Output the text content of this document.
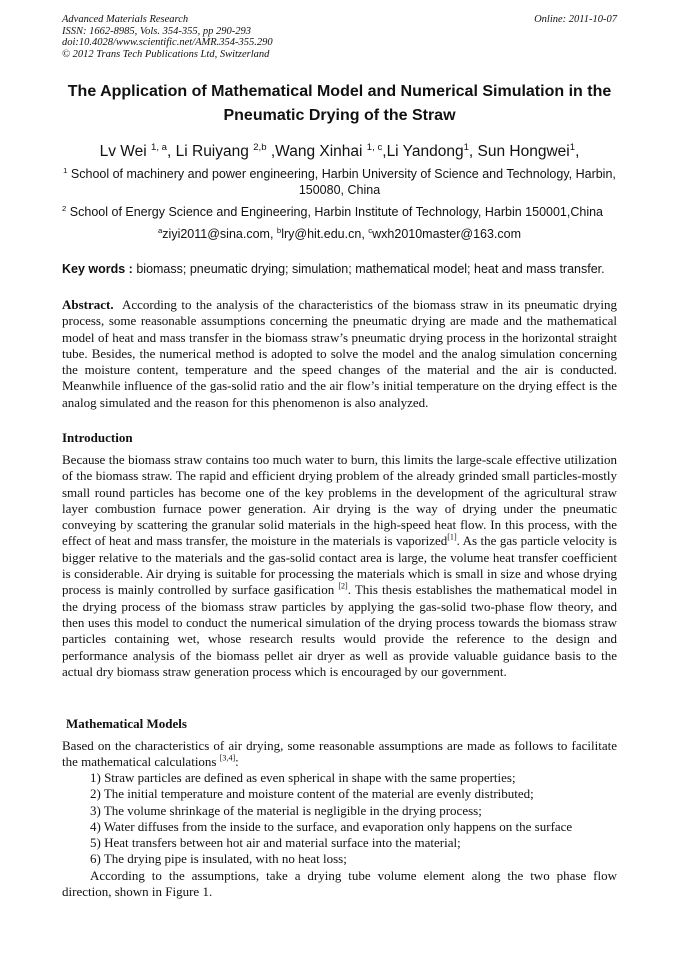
Advanced Materials Research
ISSN: 1662-8985, Vols. 354-355, pp 290-293
doi:10.4028/www.scientific.net/AMR.354-355.290
© 2012 Trans Tech Publications Ltd, Switzerland
Online: 2011-10-07
The Application of Mathematical Model and Numerical Simulation in the Pneumatic Drying of the Straw
Lv Wei $^{1, a}$, Li Ruiyang $^{2,b}$ ,Wang Xinhai $^{1, c}$,Li Yandong$^1$, Sun Hongwei$^1$,
$^1$ School of machinery and power engineering, Harbin University of Science and Technology, Harbin, 150080, China
$^2$ School of Energy Science and Engineering, Harbin Institute of Technology, Harbin 150001,China
$^a$ziyi2011@sina.com, $^b$lry@hit.edu.cn, $^c$wxh2010master@163.com
Key words : biomass; pneumatic drying; simulation; mathematical model; heat and mass transfer.
Abstract. According to the analysis of the characteristics of the biomass straw in its pneumatic drying process, some reasonable assumptions concerning the pneumatic drying are made and the mathematical model of heat and mass transfer in the biomass straw’s pneumatic drying process in the horizontal straight tube. Besides, the numerical method is adopted to solve the model and the analog simulation concerning the moisture content, temperature and the speed changes of the material and the air is conducted. Meanwhile influence of the gas-solid ratio and the air flow’s initial temperature on the drying effect is the analog simulated and the reason for this phenomenon is also analyzed.
Introduction
Because the biomass straw contains too much water to burn, this limits the large-scale effective utilization of the biomass straw. The rapid and efficient drying problem of the already grinded small particles-mostly small round particles has become one of the key problems in the development of the agricultural straw layer combustion furnace power generation. Air drying is the way of drying under the pneumatic conveying by scattering the granular solid materials in the high-speed heat flow. In this process, with the effect of heat and mass transfer, the moisture in the materials is vaporized[1]. As the gas particle velocity is bigger relative to the materials and the gas-solid contact area is large, the volume heat transfer coefficient is considerable. Air drying is suitable for processing the materials which is small in size and whose drying process is mainly controlled by surface gasification [2]. This thesis establishes the mathematical model in the drying process of the biomass straw particles by applying the gas-solid two-phase flow theory, and then uses this model to conduct the numerical simulation of the drying process towards the biomass straw particles containing wet, whose research results would provide the reference to the design and performance analysis of the biomass pellet air dryer as well as provide valuable guidance basis to the actual dry biomass straw generation process which is encouraged by our government.
Mathematical Models
Based on the characteristics of air drying, some reasonable assumptions are made as follows to facilitate the mathematical calculations [3,4]:
1) Straw particles are defined as even spherical in shape with the same properties;
2) The initial temperature and moisture content of the material are evenly distributed;
3) The volume shrinkage of the material is negligible in the drying process;
4) Water diffuses from the inside to the surface, and evaporation only happens on the surface
5) Heat transfers between hot air and material surface into the material;
6) The drying pipe is insulated, with no heat loss;
According to the assumptions, take a drying tube volume element along the two phase flow direction, shown in Figure 1.
